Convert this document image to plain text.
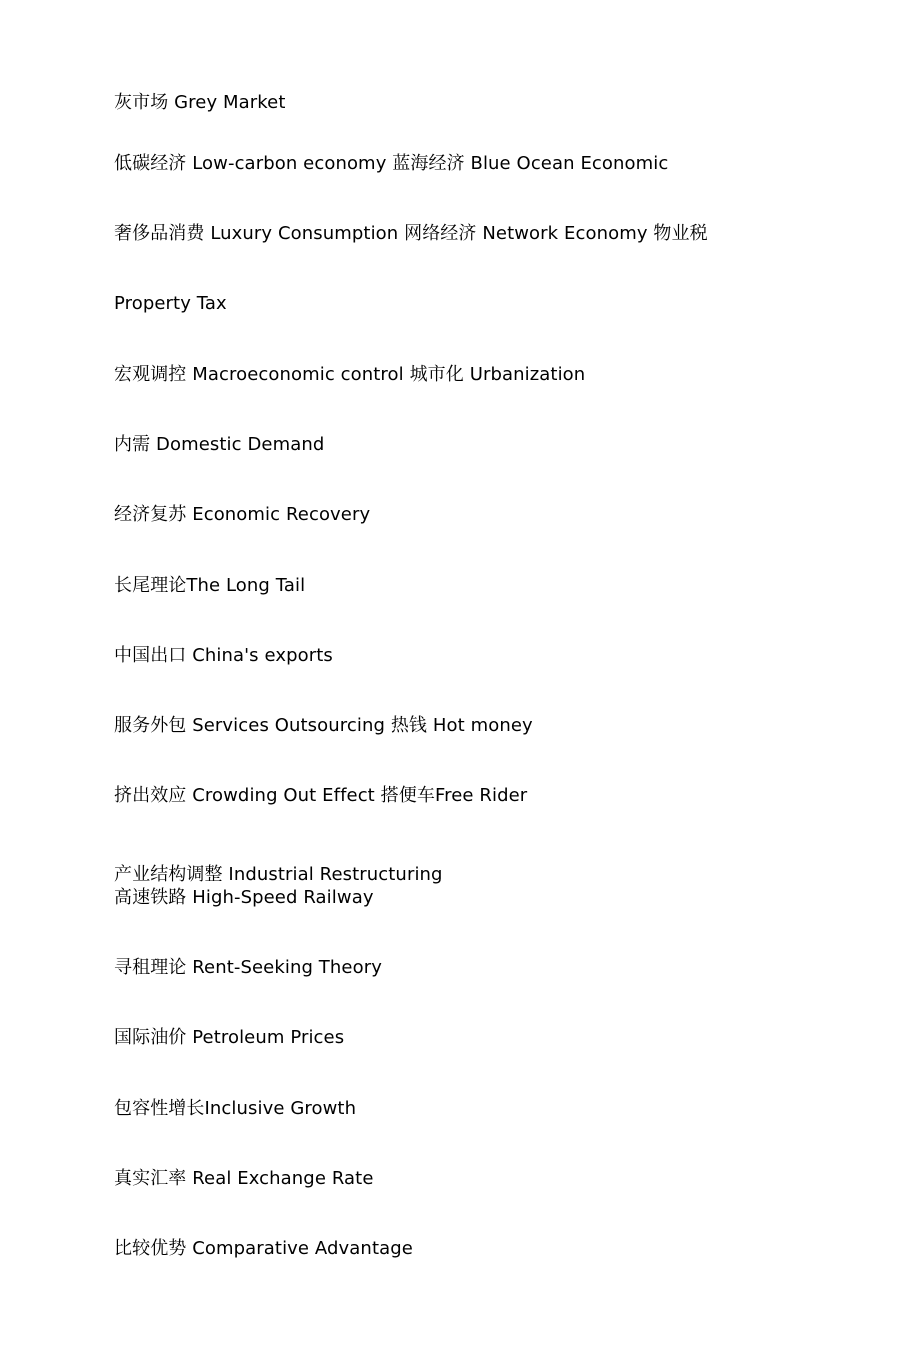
灰市场 Grey Market
低碳经济 Low-carbon economy 蓝海经济 Blue Ocean Economic
奢侈品消费 Luxury Consumption 网络经济 Network Economy 物业税
Property Tax
宏观调控 Macroeconomic control 城市化 Urbanization
内需 Domestic Demand
经济复苏 Economic Recovery
长尾理论The Long Tail
中国出口 China's exports
服务外包 Services Outsourcing 热钱 Hot money
挤出效应 Crowding Out Effect 搭便车Free Rider
产业结构调整 Industrial Restructuring
高速铁路 High-Speed Railway
寻租理论 Rent-Seeking Theory
国际油价 Petroleum Prices
包容性增长Inclusive Growth
真实汇率 Real Exchange Rate
比较优势 Comparative Advantage
